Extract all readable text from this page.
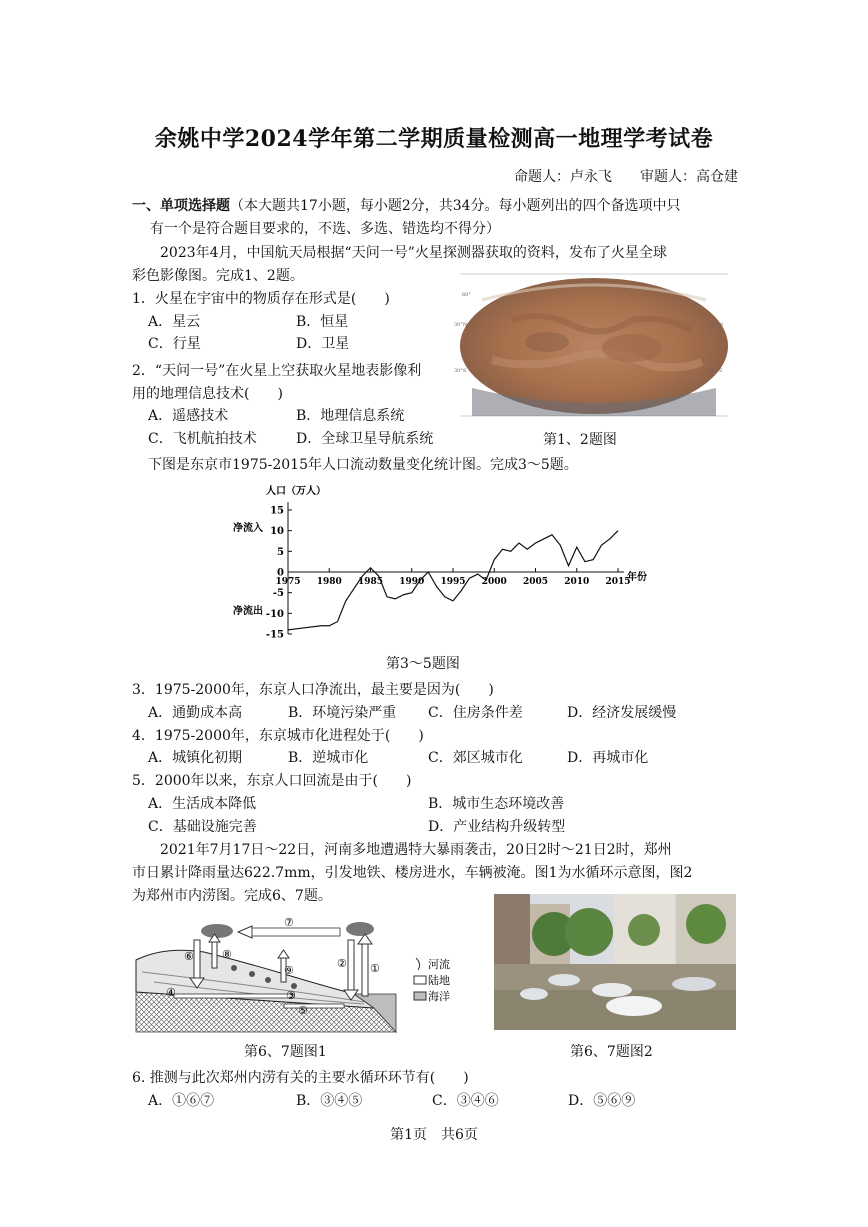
余姚中学2024学年第二学期质量检测高一地理学考试卷
命题人：卢永飞　　审题人：高仓建
一、单项选择题（本大题共17小题，每小题2分，共34分。每小题列出的四个备选项中只
有一个是符合题目要求的，不选、多选、错选均不得分）
2023年4月，中国航天局根据“天问一号”火星探测器获取的资料，发布了火星全球
彩色影像图。完成1、2题。
1．火星在宇宙中的物质存在形式是(　　)
A．星云	B．恒星
C．行星	D．卫星
2．“天问一号”在火星上空获取火星地表影像利
用的地理信息技术(　　)
A．遥感技术	B．地理信息系统
C．飞机航拍技术	D．全球卫星导航系统
60°
30°N
30°S
30°N
30°S
第1、2题图
下图是东京市1975-2015年人口流动数量变化统计图。完成3～5题。
人口（万人）
净流入
净流出
年份
15
10
5
0
-5
-10
-15
1975 1980 1985 1990 1995 2000 2005 2010 2015
第3～5题图
3．1975-2000年，东京人口净流出，最主要是因为(　　)
A．通勤成本高	B．环境污染严重 C．住房条件差	D．经济发展缓慢
4．1975-2000年，东京城市化进程处于(　　)
A．城镇化初期	B．逆城市化	C．郊区城市化	D．再城市化
5．2000年以来，东京人口回流是由于(　　)
A．生活成本降低	B．城市生态环境改善
C．基础设施完善	D．产业结构升级转型
2021年7月17日～22日，河南多地遭遇特大暴雨袭击，20日2时～21日2时，郑州
市日累计降雨量达622.7mm，引发地铁、楼房进水，车辆被淹。图1为水循环示意图，图2
为郑州市内涝图。完成6、7题。
①
②
③
④
⑤
⑥
⑦
⑧
⑨	河流
陆地
海洋
第6、7题图1	第6、7题图2
6. 推测与此次郑州内涝有关的主要水循环环节有(　　)
A．①⑥⑦	B．③④⑤	C．③④⑥	D．⑤⑥⑨
第1页　共6页
